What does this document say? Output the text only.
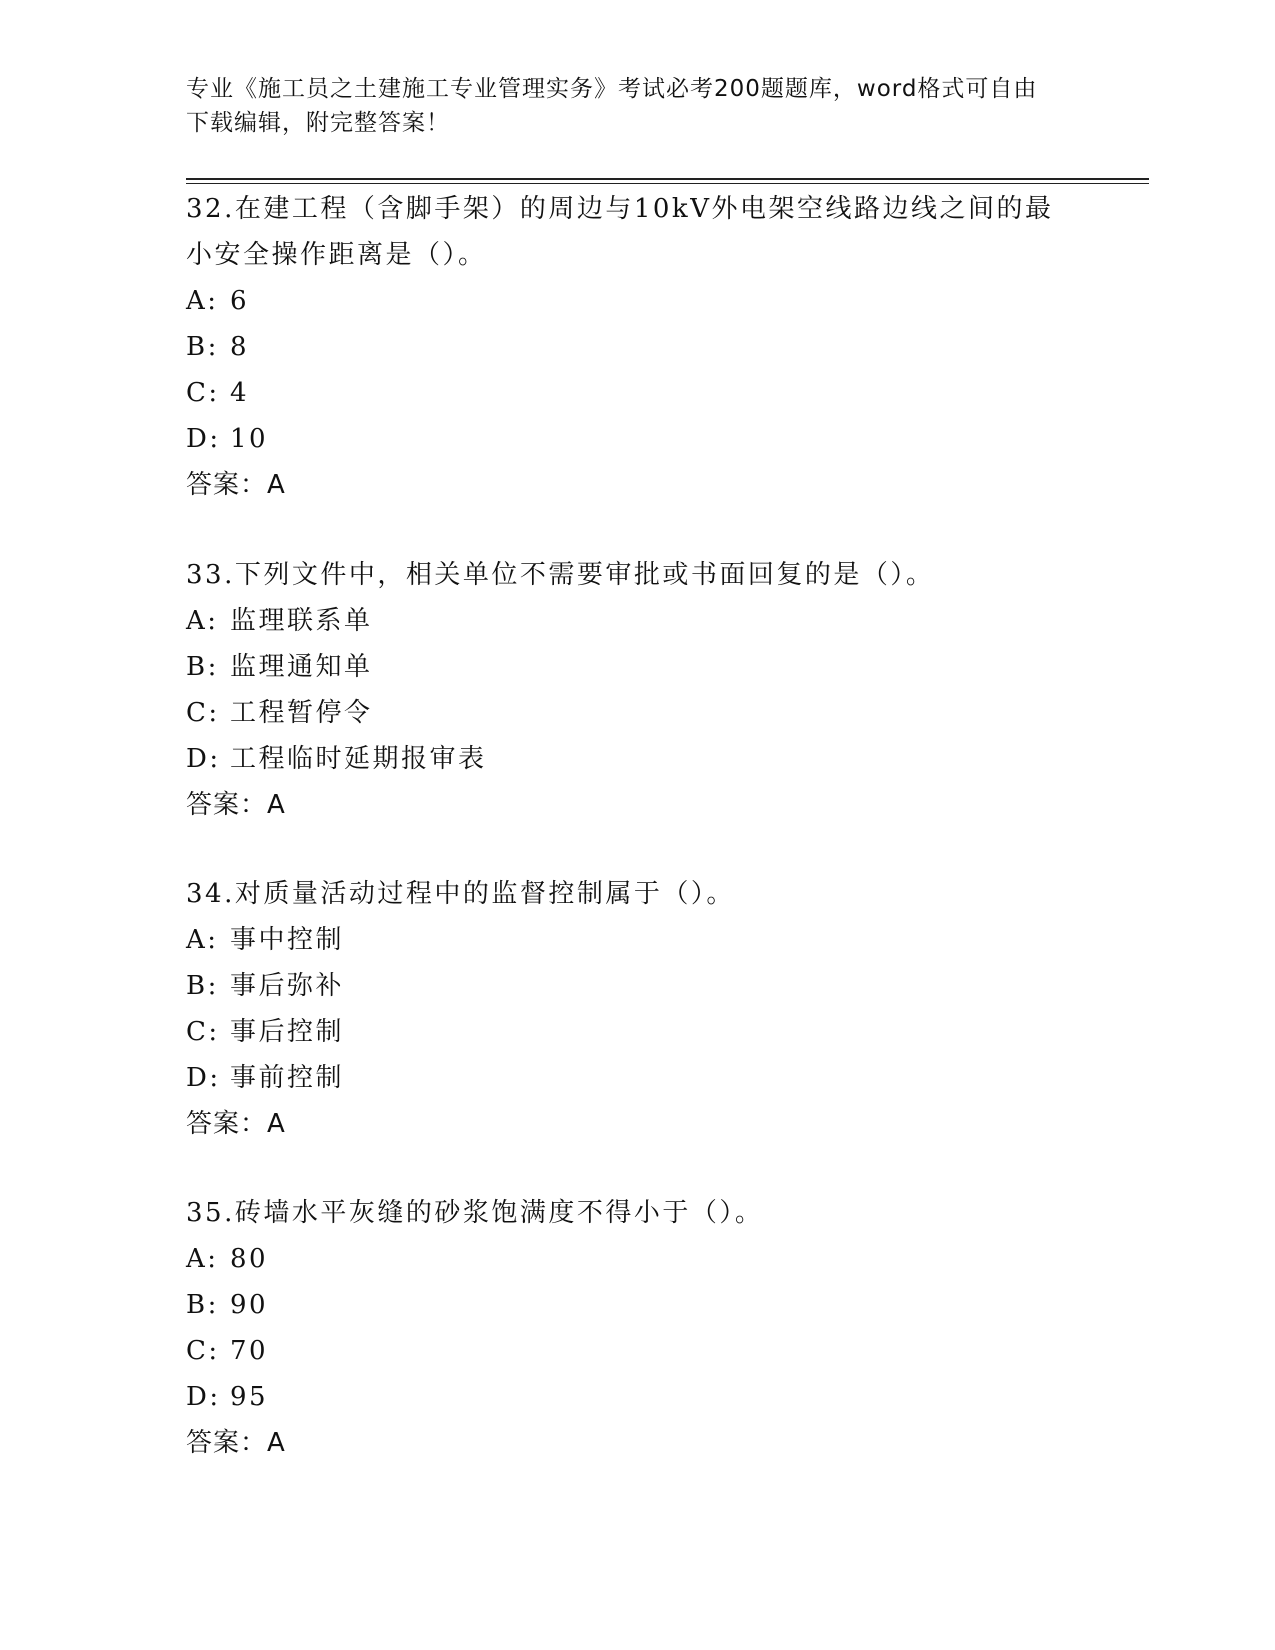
专业《施工员之土建施工专业管理实务》考试必考200题题库，word格式可自由
下载编辑，附完整答案！
32.在建工程（含脚手架）的周边与10kV外电架空线路边线之间的最
小安全操作距离是（）。
A: 6
B: 8
C: 4
D: 10
答案：A
33.下列文件中，相关单位不需要审批或书面回复的是（）。
A: 监理联系单
B: 监理通知单
C: 工程暂停令
D: 工程临时延期报审表
答案：A
34.对质量活动过程中的监督控制属于（）。
A: 事中控制
B: 事后弥补
C: 事后控制
D: 事前控制
答案：A
35.砖墙水平灰缝的砂浆饱满度不得小于（）。
A: 80
B: 90
C: 70
D: 95
答案：A
